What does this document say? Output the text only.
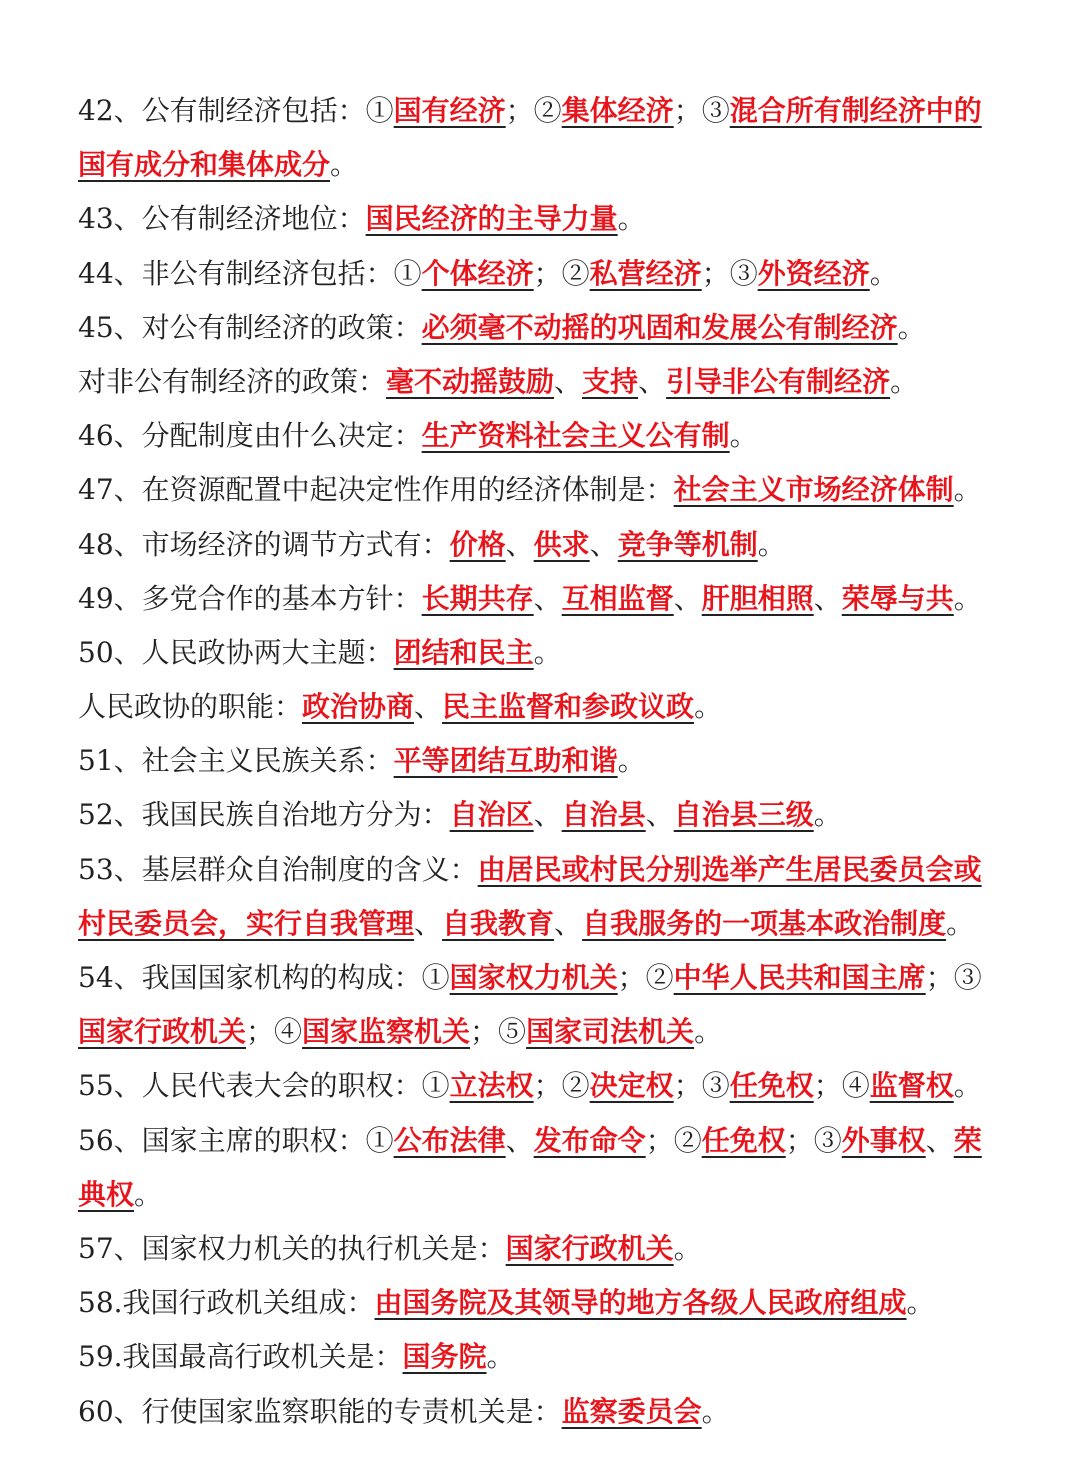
42、公有制经济包括：①国有经济；②集体经济；③混合所有制经济中的
国有成分和集体成分。
43、公有制经济地位：国民经济的主导力量。
44、非公有制经济包括：①个体经济；②私营经济；③外资经济。
45、对公有制经济的政策：必须毫不动摇的巩固和发展公有制经济。
对非公有制经济的政策：毫不动摇鼓励、支持、引导非公有制经济。
46、分配制度由什么决定：生产资料社会主义公有制。
47、在资源配置中起决定性作用的经济体制是：社会主义市场经济体制。
48、市场经济的调节方式有：价格、供求、竞争等机制。
49、多党合作的基本方针：长期共存、互相监督、肝胆相照、荣辱与共。
50、人民政协两大主题：团结和民主。
人民政协的职能：政治协商、民主监督和参政议政。
51、社会主义民族关系：平等团结互助和谐。
52、我国民族自治地方分为：自治区、自治县、自治县三级。
53、基层群众自治制度的含义：由居民或村民分别选举产生居民委员会或
村民委员会，实行自我管理、自我教育、自我服务的一项基本政治制度。
54、我国国家机构的构成：①国家权力机关；②中华人民共和国主席；③
国家行政机关；④国家监察机关；⑤国家司法机关。
55、人民代表大会的职权：①立法权；②决定权；③任免权；④监督权。
56、国家主席的职权：①公布法律、发布命令；②任免权；③外事权、荣
典权。
57、国家权力机关的执行机关是：国家行政机关。
58.我国行政机关组成：由国务院及其领导的地方各级人民政府组成。
59.我国最高行政机关是：国务院。
60、行使国家监察职能的专责机关是：监察委员会。
